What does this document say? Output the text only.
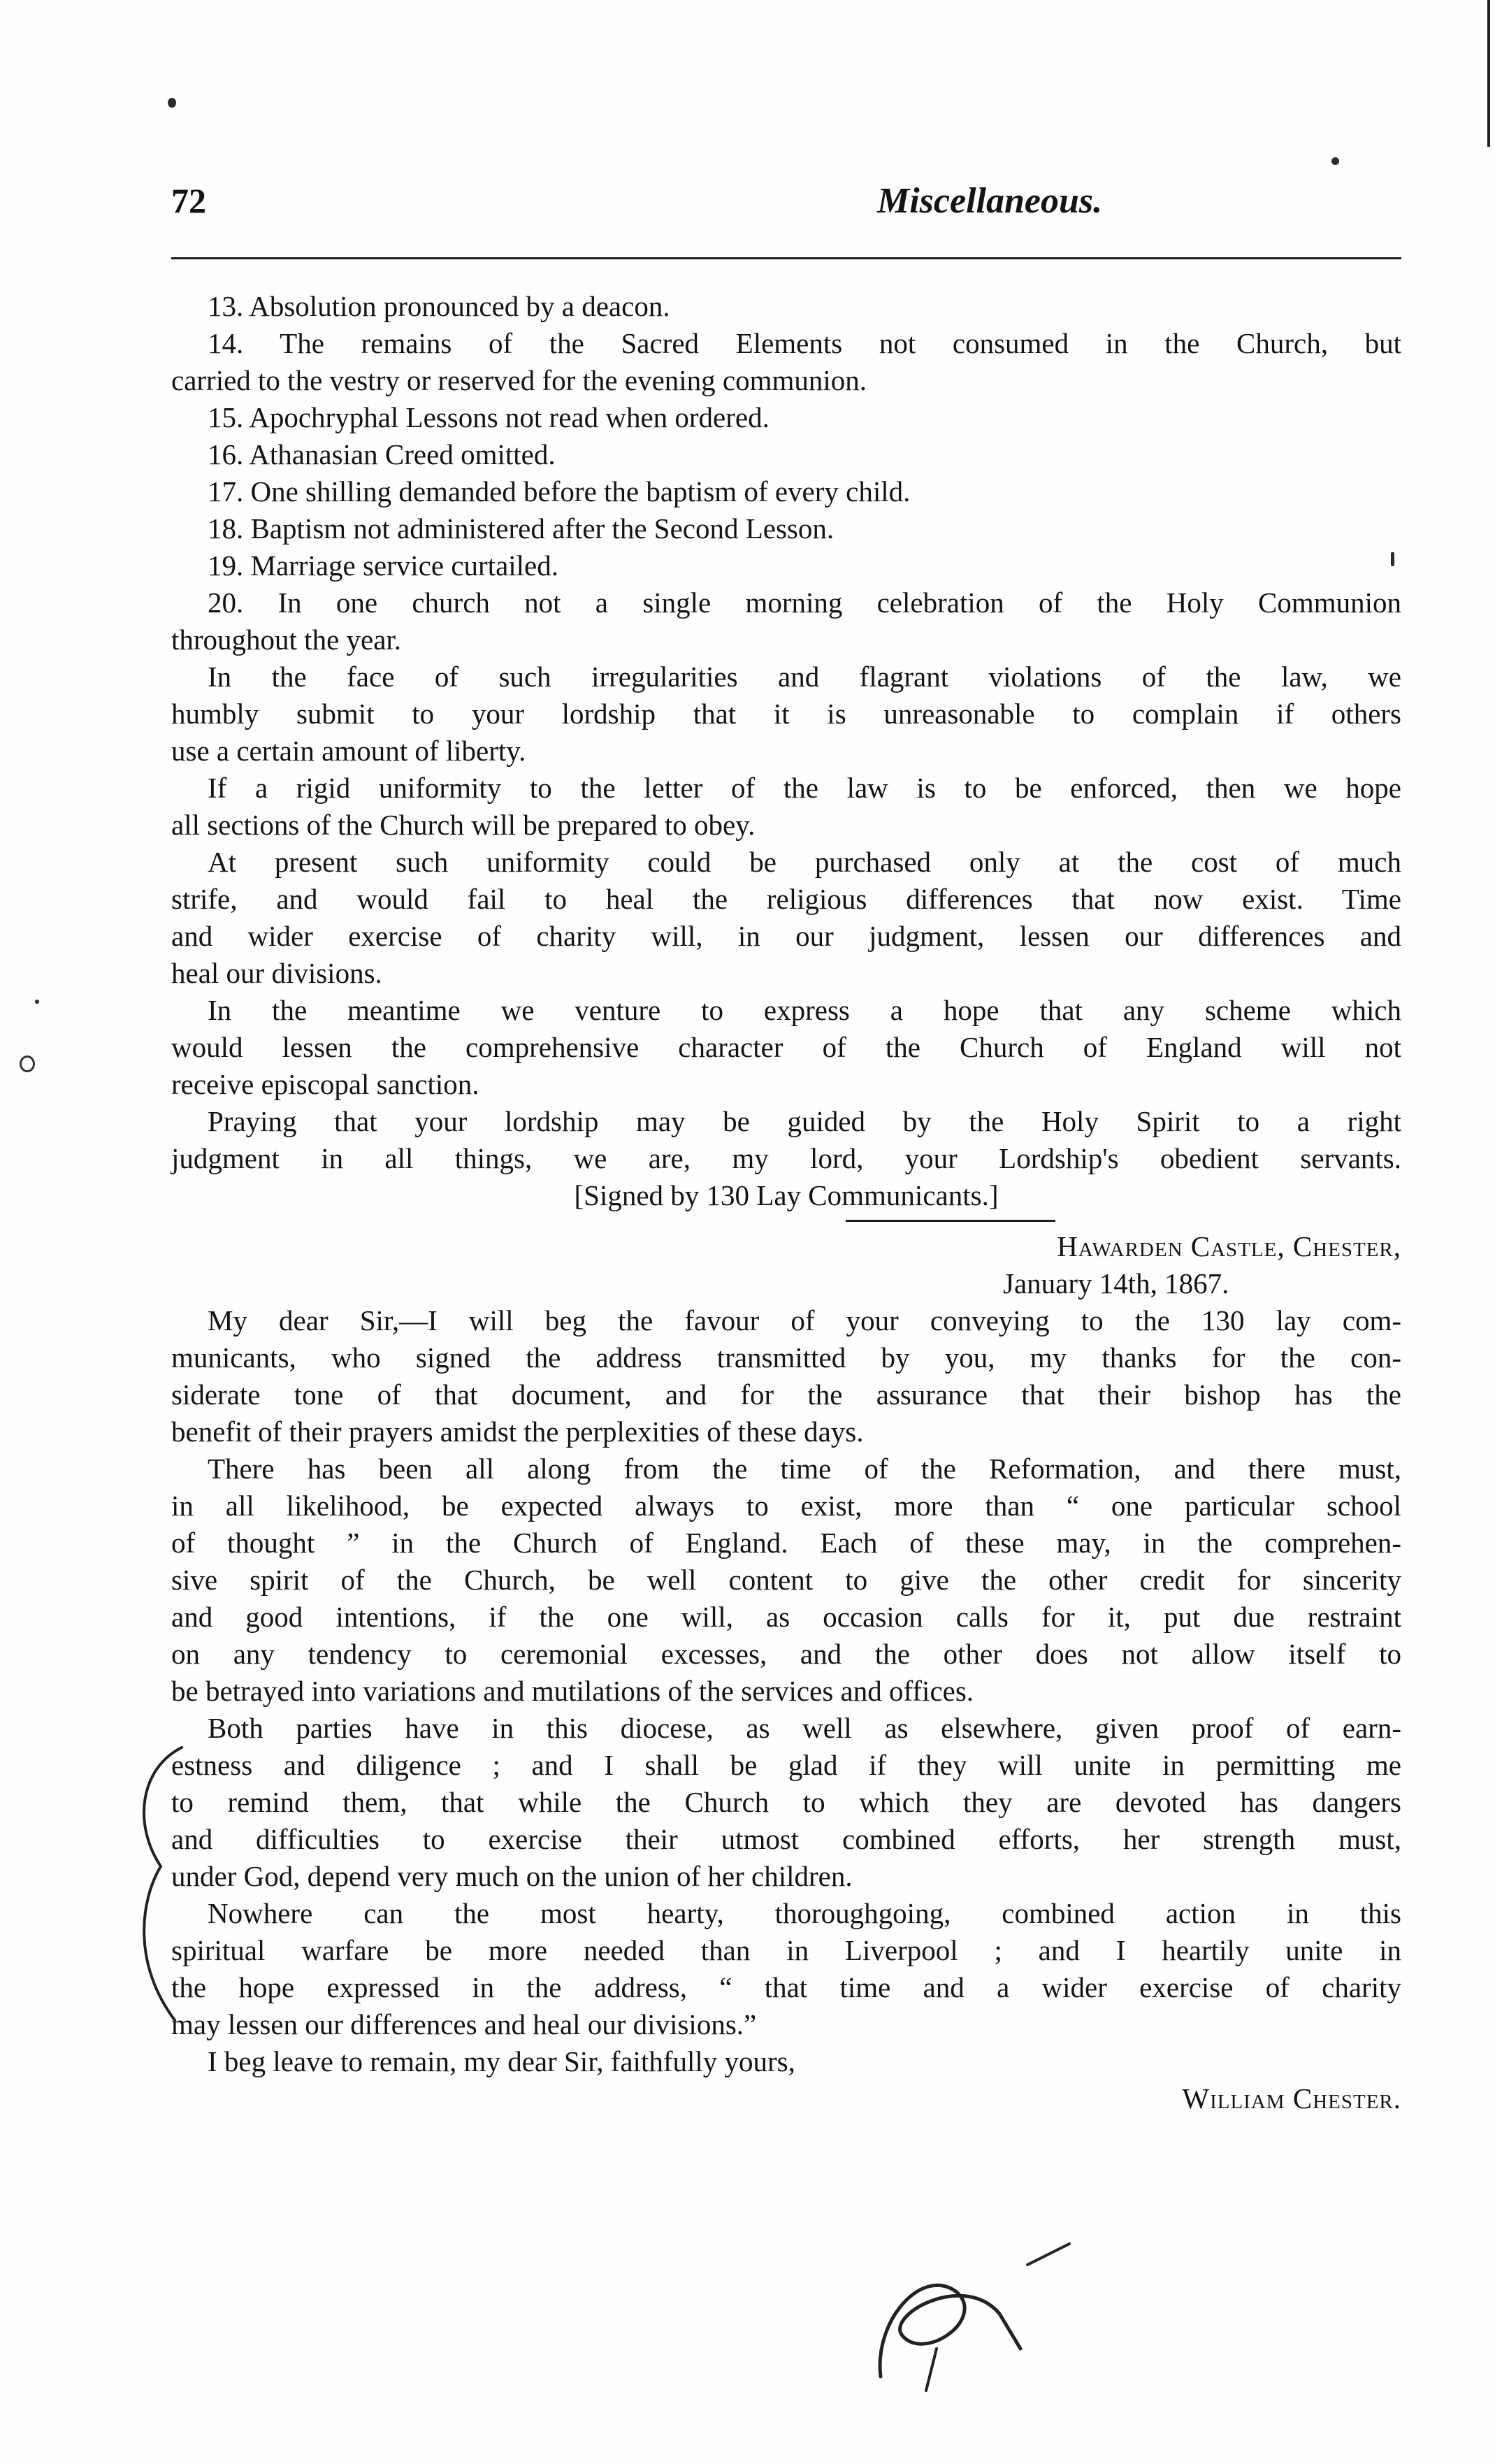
72	Miscellaneous.
13. Absolution pronounced by a deacon.
14. The remains of the Sacred Elements not consumed in the Church, but
carried to the vestry or reserved for the evening communion.
15. Apochryphal Lessons not read when ordered.
16. Athanasian Creed omitted.
17. One shilling demanded before the baptism of every child.
18. Baptism not administered after the Second Lesson.
19. Marriage service curtailed.
20. In one church not a single morning celebration of the Holy Communion
throughout the year.
In the face of such irregularities and flagrant violations of the law, we
humbly submit to your lordship that it is unreasonable to complain if others
use a certain amount of liberty.
If a rigid uniformity to the letter of the law is to be enforced, then we hope
all sections of the Church will be prepared to obey.
At present such uniformity could be purchased only at the cost of much
strife, and would fail to heal the religious differences that now exist. Time
and wider exercise of charity will, in our judgment, lessen our differences and
heal our divisions.
In the meantime we venture to express a hope that any scheme which
would lessen the comprehensive character of the Church of England will not
receive episcopal sanction.
Praying that your lordship may be guided by the Holy Spirit to a right
judgment in all things, we are, my lord, your Lordship's obedient servants.
[Signed by 130 Lay Communicants.]
Hawarden Castle, Chester,
January 14th, 1867.
My dear Sir,—I will beg the favour of your conveying to the 130 lay com-
municants, who signed the address transmitted by you, my thanks for the con-
siderate tone of that document, and for the assurance that their bishop has the
benefit of their prayers amidst the perplexities of these days.
There has been all along from the time of the Reformation, and there must,
in all likelihood, be expected always to exist, more than “ one particular school
of thought ” in the Church of England. Each of these may, in the comprehen-
sive spirit of the Church, be well content to give the other credit for sincerity
and good intentions, if the one will, as occasion calls for it, put due restraint
on any tendency to ceremonial excesses, and the other does not allow itself to
be betrayed into variations and mutilations of the services and offices.
Both parties have in this diocese, as well as elsewhere, given proof of earn-
estness and diligence ; and I shall be glad if they will unite in permitting me
to remind them, that while the Church to which they are devoted has dangers
and difficulties to exercise their utmost combined efforts, her strength must,
under God, depend very much on the union of her children.
Nowhere can the most hearty, thoroughgoing, combined action in this
spiritual warfare be more needed than in Liverpool ; and I heartily unite in
the hope expressed in the address, “ that time and a wider exercise of charity
may lessen our differences and heal our divisions.”
I beg leave to remain, my dear Sir, faithfully yours,
William Chester.
